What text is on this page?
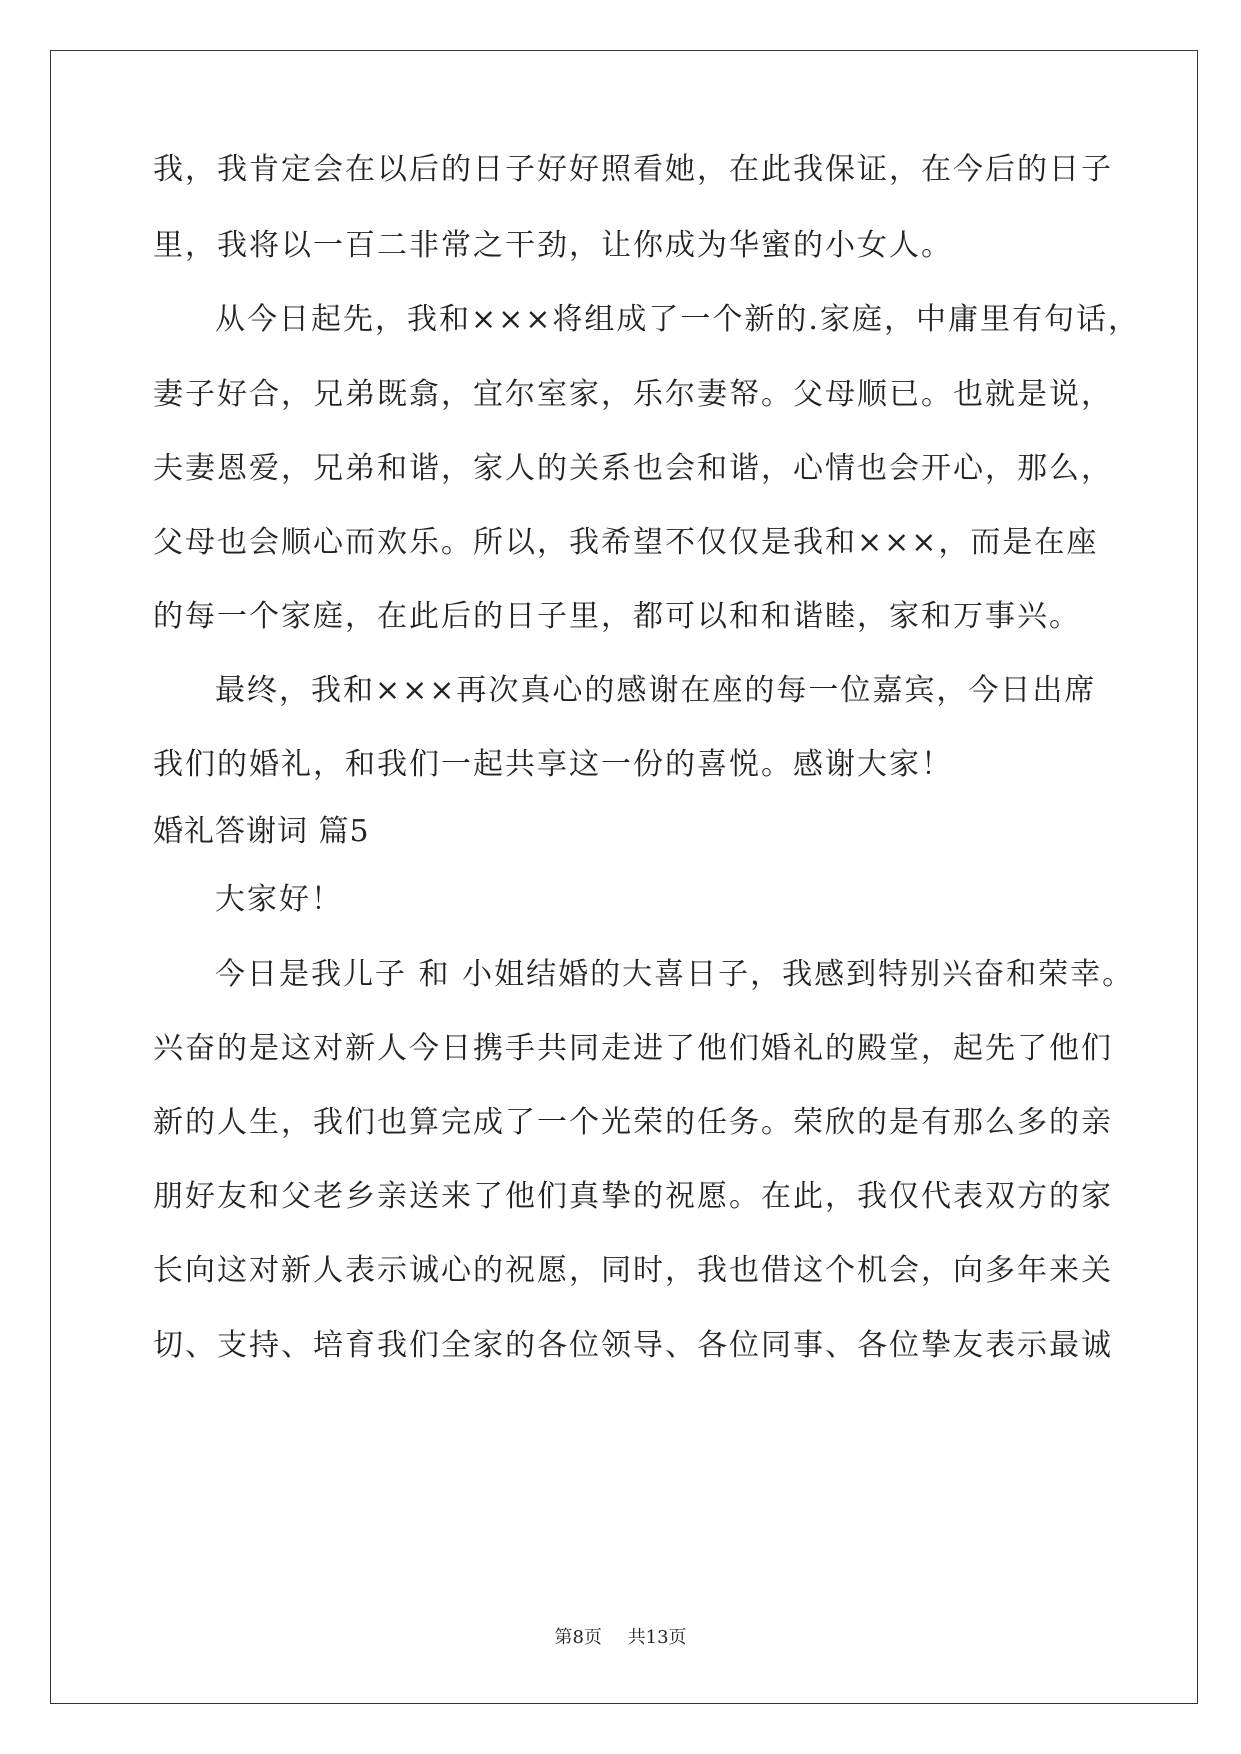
我，我肯定会在以后的日子好好照看她，在此我保证，在今后的日子
里，我将以一百二非常之干劲，让你成为华蜜的小女人。
从今日起先，我和×××将组成了一个新的.家庭，中庸里有句话，
妻子好合，兄弟既翕，宜尔室家，乐尔妻帑。父母顺已。也就是说，
夫妻恩爱，兄弟和谐，家人的关系也会和谐，心情也会开心，那么，
父母也会顺心而欢乐。所以，我希望不仅仅是我和×××，而是在座
的每一个家庭，在此后的日子里，都可以和和谐睦，家和万事兴。
最终，我和×××再次真心的感谢在座的每一位嘉宾，今日出席
我们的婚礼，和我们一起共享这一份的喜悦。感谢大家！
婚礼答谢词 篇5
大家好！
今日是我儿子 和 小姐结婚的大喜日子，我感到特别兴奋和荣幸。
兴奋的是这对新人今日携手共同走进了他们婚礼的殿堂，起先了他们
新的人生，我们也算完成了一个光荣的任务。荣欣的是有那么多的亲
朋好友和父老乡亲送来了他们真挚的祝愿。在此，我仅代表双方的家
长向这对新人表示诚心的祝愿，同时，我也借这个机会，向多年来关
切、支持、培育我们全家的各位领导、各位同事、各位挚友表示最诚
第8页 共13页
